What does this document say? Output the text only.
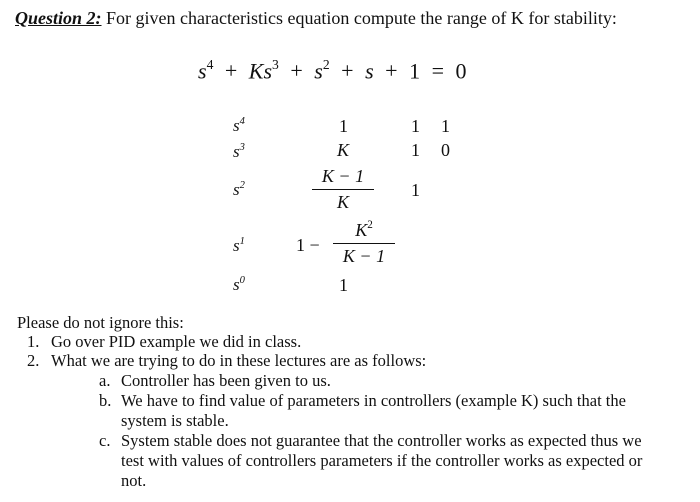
Question 2: For given characteristics equation compute the range of K for stability:
$s^4 + Ks^3 + s^2 + s + 1 = 0$
$s^4$
$s^3$
$s^2$
$s^1$
$s^0$
1	1 1
K	1 0
K − 1
K
1
1 −
$K^2$
K − 1
1
Please do not ignore this:
1. Go over PID example we did in class.
2. What we are trying to do in these lectures are as follows:
a. Controller has been given to us.
b. We have to find value of parameters in controllers (example K) such that the
system is stable.
c. System stable does not guarantee that the controller works as expected thus we
test with values of controllers parameters if the controller works as expected or
not.
